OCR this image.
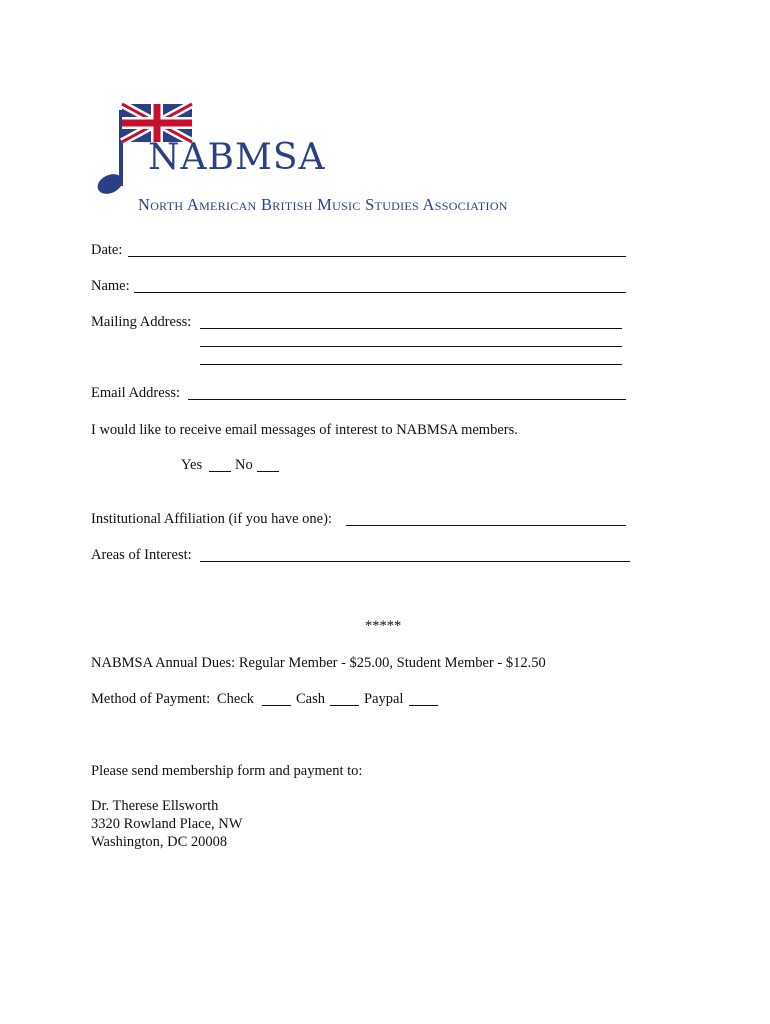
NABMSA
North American British Music Studies Association
Date:
Name:
Mailing Address:
Email Address:
I would like to receive email messages of interest to NABMSA members.
Yes No
Institutional Affiliation (if you have one):
Areas of Interest:
*****
NABMSA Annual Dues: Regular Member - $25.00, Student Member - $12.50
Method of Payment: Check	Cash	Paypal
Please send membership form and payment to:
Dr. Therese Ellsworth
3320 Rowland Place, NW
Washington, DC 20008
